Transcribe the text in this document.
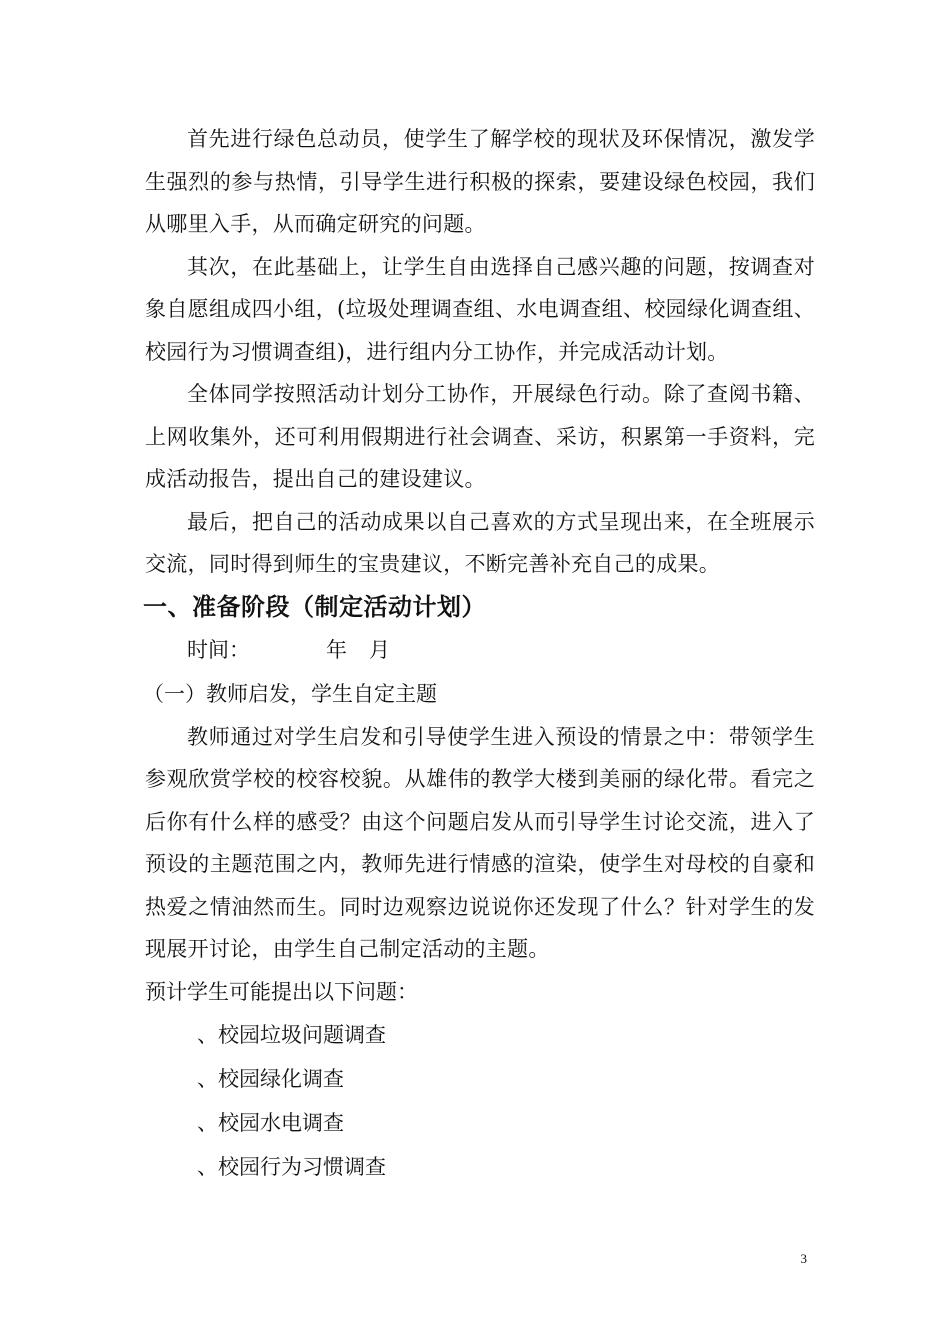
首先进行绿色总动员，使学生了解学校的现状及环保情况，激发学生强烈的参与热情，引导学生进行积极的探索，要建设绿色校园，我们从哪里入手，从而确定研究的问题。

其次，在此基础上，让学生自由选择自己感兴趣的问题，按调查对象自愿组成四小组，(垃圾处理调查组、水电调查组、校园绿化调查组、校园行为习惯调查组)，进行组内分工协作，并完成活动计划。

全体同学按照活动计划分工协作，开展绿色行动。除了查阅书籍、上网收集外，还可利用假期进行社会调查、采访，积累第一手资料，完成活动报告，提出自己的建设建议。

最后，把自己的活动成果以自己喜欢的方式呈现出来，在全班展示交流，同时得到师生的宝贵建议，不断完善补充自己的成果。

一、准备阶段（制定活动计划）

时间：	年 月

（一）教师启发，学生自定主题

教师通过对学生启发和引导使学生进入预设的情景之中：带领学生参观欣赏学校的校容校貌。从雄伟的教学大楼到美丽的绿化带。看完之后你有什么样的感受？由这个问题启发从而引导学生讨论交流，进入了预设的主题范围之内，教师先进行情感的渲染，使学生对母校的自豪和热爱之情油然而生。同时边观察边说说你还发现了什么？针对学生的发现展开讨论，由学生自己制定活动的主题。

预计学生可能提出以下问题：

、校园垃圾问题调查
、校园绿化调查
、校园水电调查
、校园行为习惯调查
3
